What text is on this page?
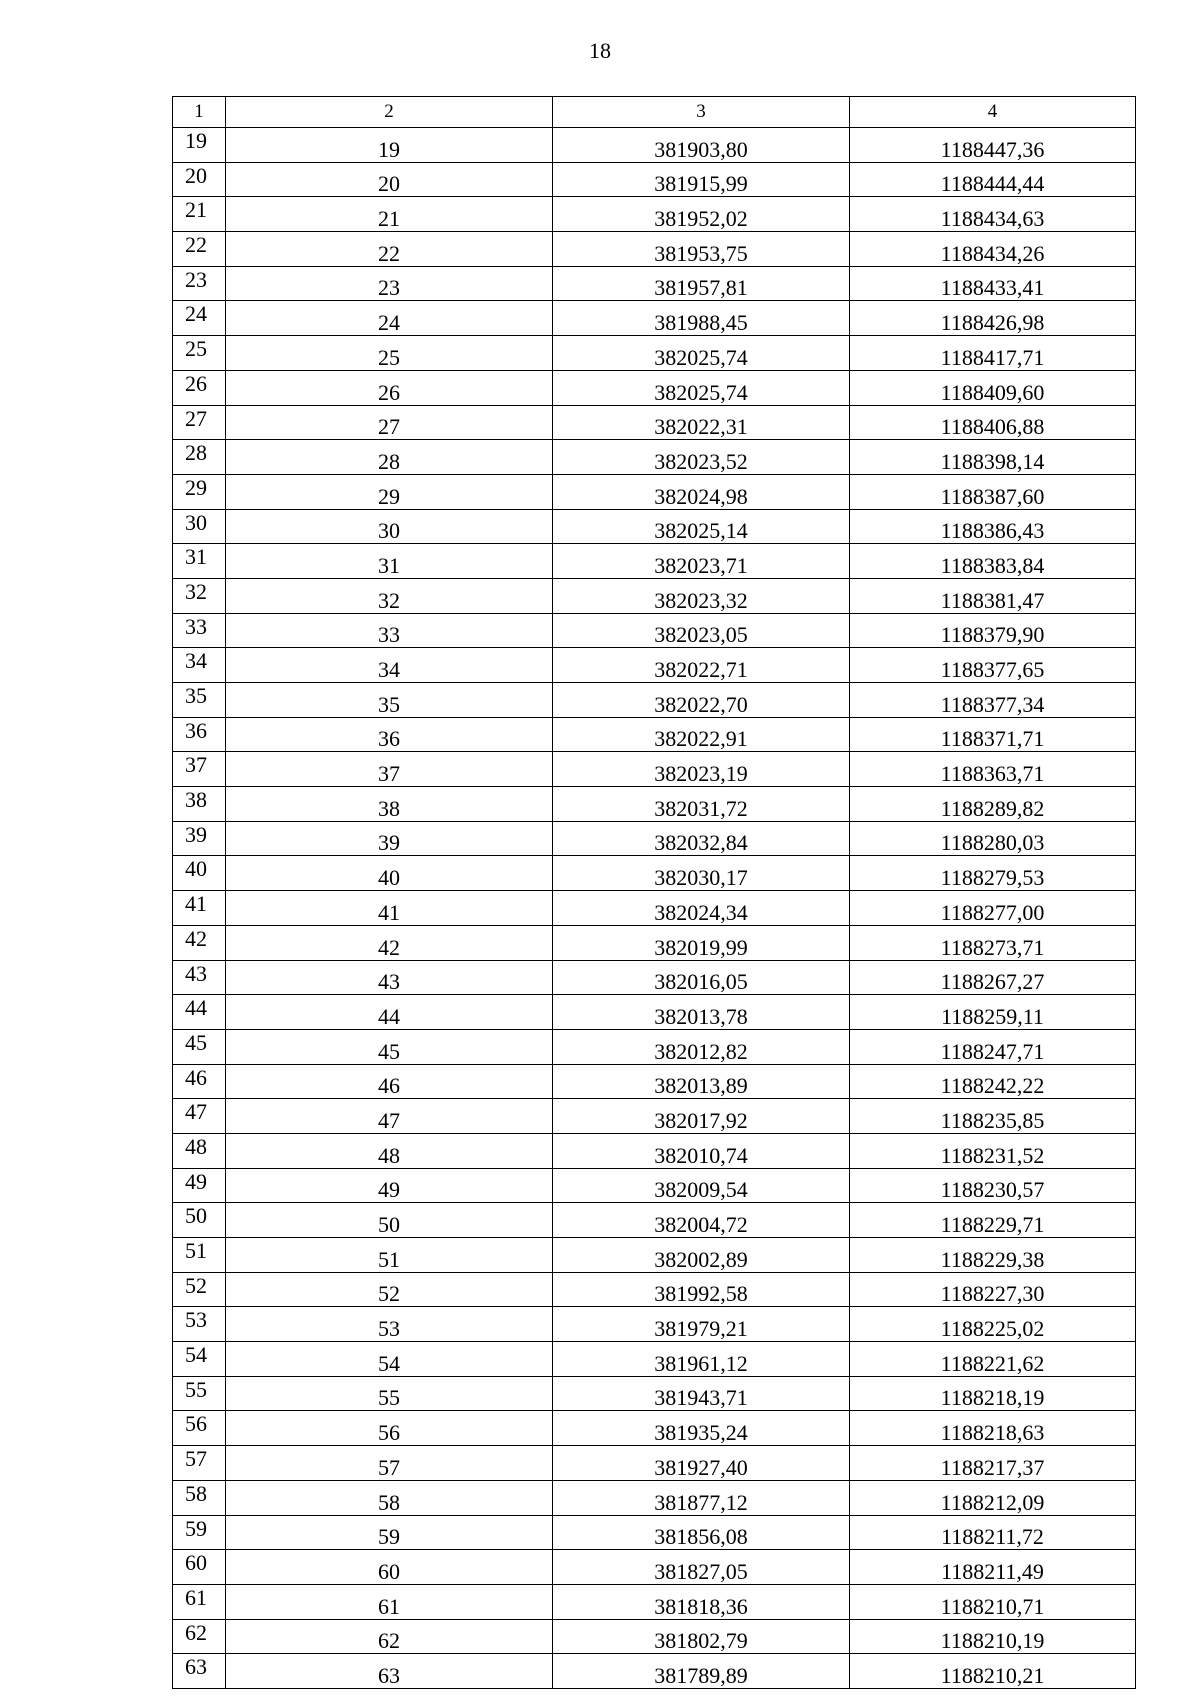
18
1	2	3	4
19	19	381903,80	1188447,36
20	20	381915,99	1188444,44
21	21	381952,02	1188434,63
22	22	381953,75	1188434,26
23	23	381957,81	1188433,41
24	24	381988,45	1188426,98
25	25	382025,74	1188417,71
26	26	382025,74	1188409,60
27	27	382022,31	1188406,88
28	28	382023,52	1188398,14
29	29	382024,98	1188387,60
30	30	382025,14	1188386,43
31	31	382023,71	1188383,84
32	32	382023,32	1188381,47
33	33	382023,05	1188379,90
34	34	382022,71	1188377,65
35	35	382022,70	1188377,34
36	36	382022,91	1188371,71
37	37	382023,19	1188363,71
38	38	382031,72	1188289,82
39	39	382032,84	1188280,03
40	40	382030,17	1188279,53
41	41	382024,34	1188277,00
42	42	382019,99	1188273,71
43	43	382016,05	1188267,27
44	44	382013,78	1188259,11
45	45	382012,82	1188247,71
46	46	382013,89	1188242,22
47	47	382017,92	1188235,85
48	48	382010,74	1188231,52
49	49	382009,54	1188230,57
50	50	382004,72	1188229,71
51	51	382002,89	1188229,38
52	52	381992,58	1188227,30
53	53	381979,21	1188225,02
54	54	381961,12	1188221,62
55	55	381943,71	1188218,19
56	56	381935,24	1188218,63
57	57	381927,40	1188217,37
58	58	381877,12	1188212,09
59	59	381856,08	1188211,72
60	60	381827,05	1188211,49
61	61	381818,36	1188210,71
62	62	381802,79	1188210,19
63	63	381789,89	1188210,21
